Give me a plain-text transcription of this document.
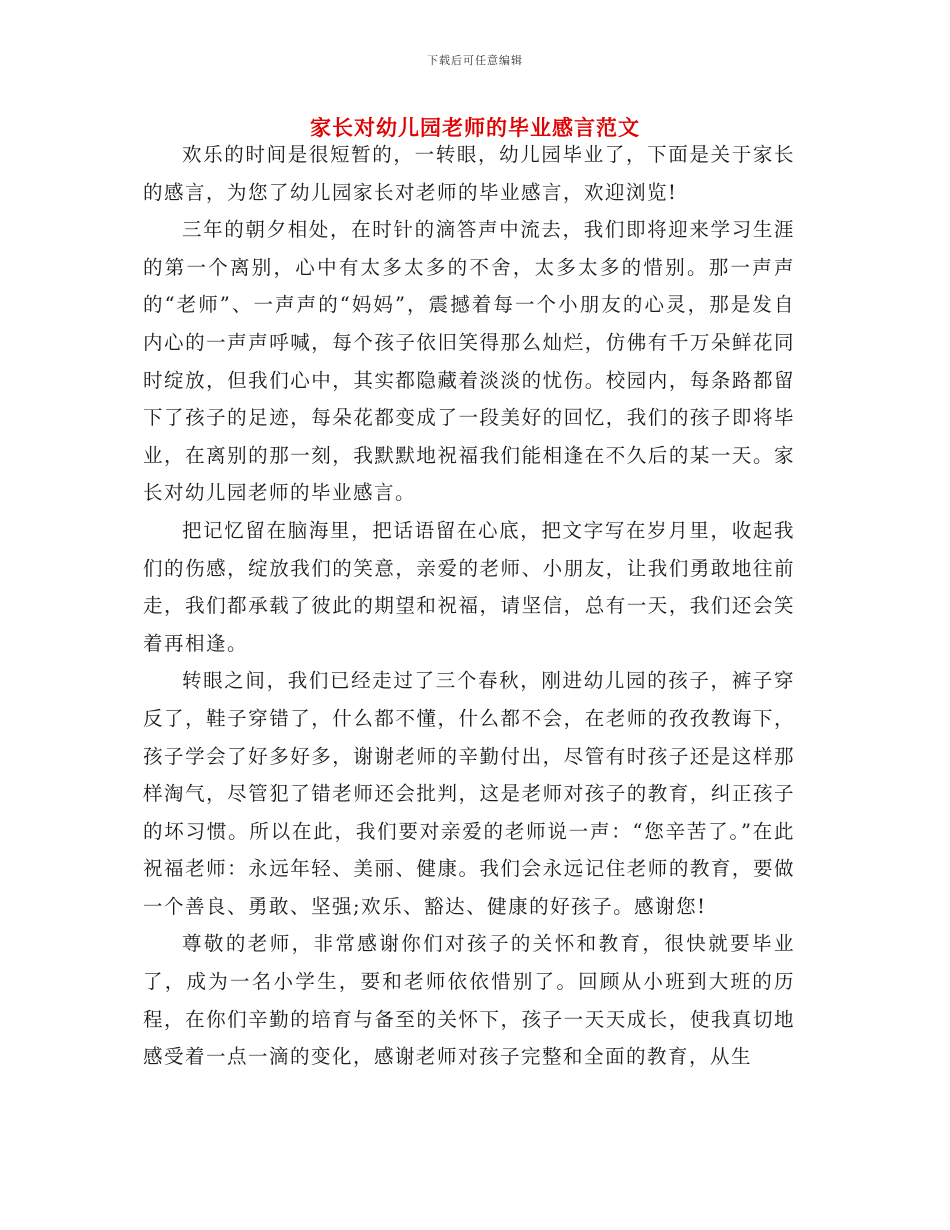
下载后可任意编辑
家长对幼儿园老师的毕业感言范文

欢乐的时间是很短暂的，一转眼，幼儿园毕业了，下面是关于家长的感言，为您了幼儿园家长对老师的毕业感言，欢迎浏览!

三年的朝夕相处，在时针的滴答声中流去，我们即将迎来学习生涯的第一个离别，心中有太多太多的不舍，太多太多的惜别。那一声声的“老师”、一声声的“妈妈”，震撼着每一个小朋友的心灵，那是发自内心的一声声呼喊，每个孩子依旧笑得那么灿烂，仿佛有千万朵鲜花同时绽放，但我们心中，其实都隐藏着淡淡的忧伤。校园内，每条路都留下了孩子的足迹，每朵花都变成了一段美好的回忆，我们的孩子即将毕业，在离别的那一刻，我默默地祝福我们能相逢在不久后的某一天。家长对幼儿园老师的毕业感言。

把记忆留在脑海里，把话语留在心底，把文字写在岁月里，收起我们的伤感，绽放我们的笑意，亲爱的老师、小朋友，让我们勇敢地往前走，我们都承载了彼此的期望和祝福，请坚信，总有一天，我们还会笑着再相逢。

转眼之间，我们已经走过了三个春秋，刚进幼儿园的孩子，裤子穿反了，鞋子穿错了，什么都不懂，什么都不会，在老师的孜孜教诲下，孩子学会了好多好多，谢谢老师的辛勤付出，尽管有时孩子还是这样那样淘气，尽管犯了错老师还会批判，这是老师对孩子的教育，纠正孩子的坏习惯。所以在此，我们要对亲爱的老师说一声：“您辛苦了。”在此祝福老师：永远年轻、美丽、健康。我们会永远记住老师的教育，要做一个善良、勇敢、坚强;欢乐、豁达、健康的好孩子。感谢您!

尊敬的老师，非常感谢你们对孩子的关怀和教育，很快就要毕业了，成为一名小学生，要和老师依依惜别了。回顾从小班到大班的历程，在你们辛勤的培育与备至的关怀下，孩子一天天成长，使我真切地感受着一点一滴的变化，感谢老师对孩子完整和全面的教育，从生
